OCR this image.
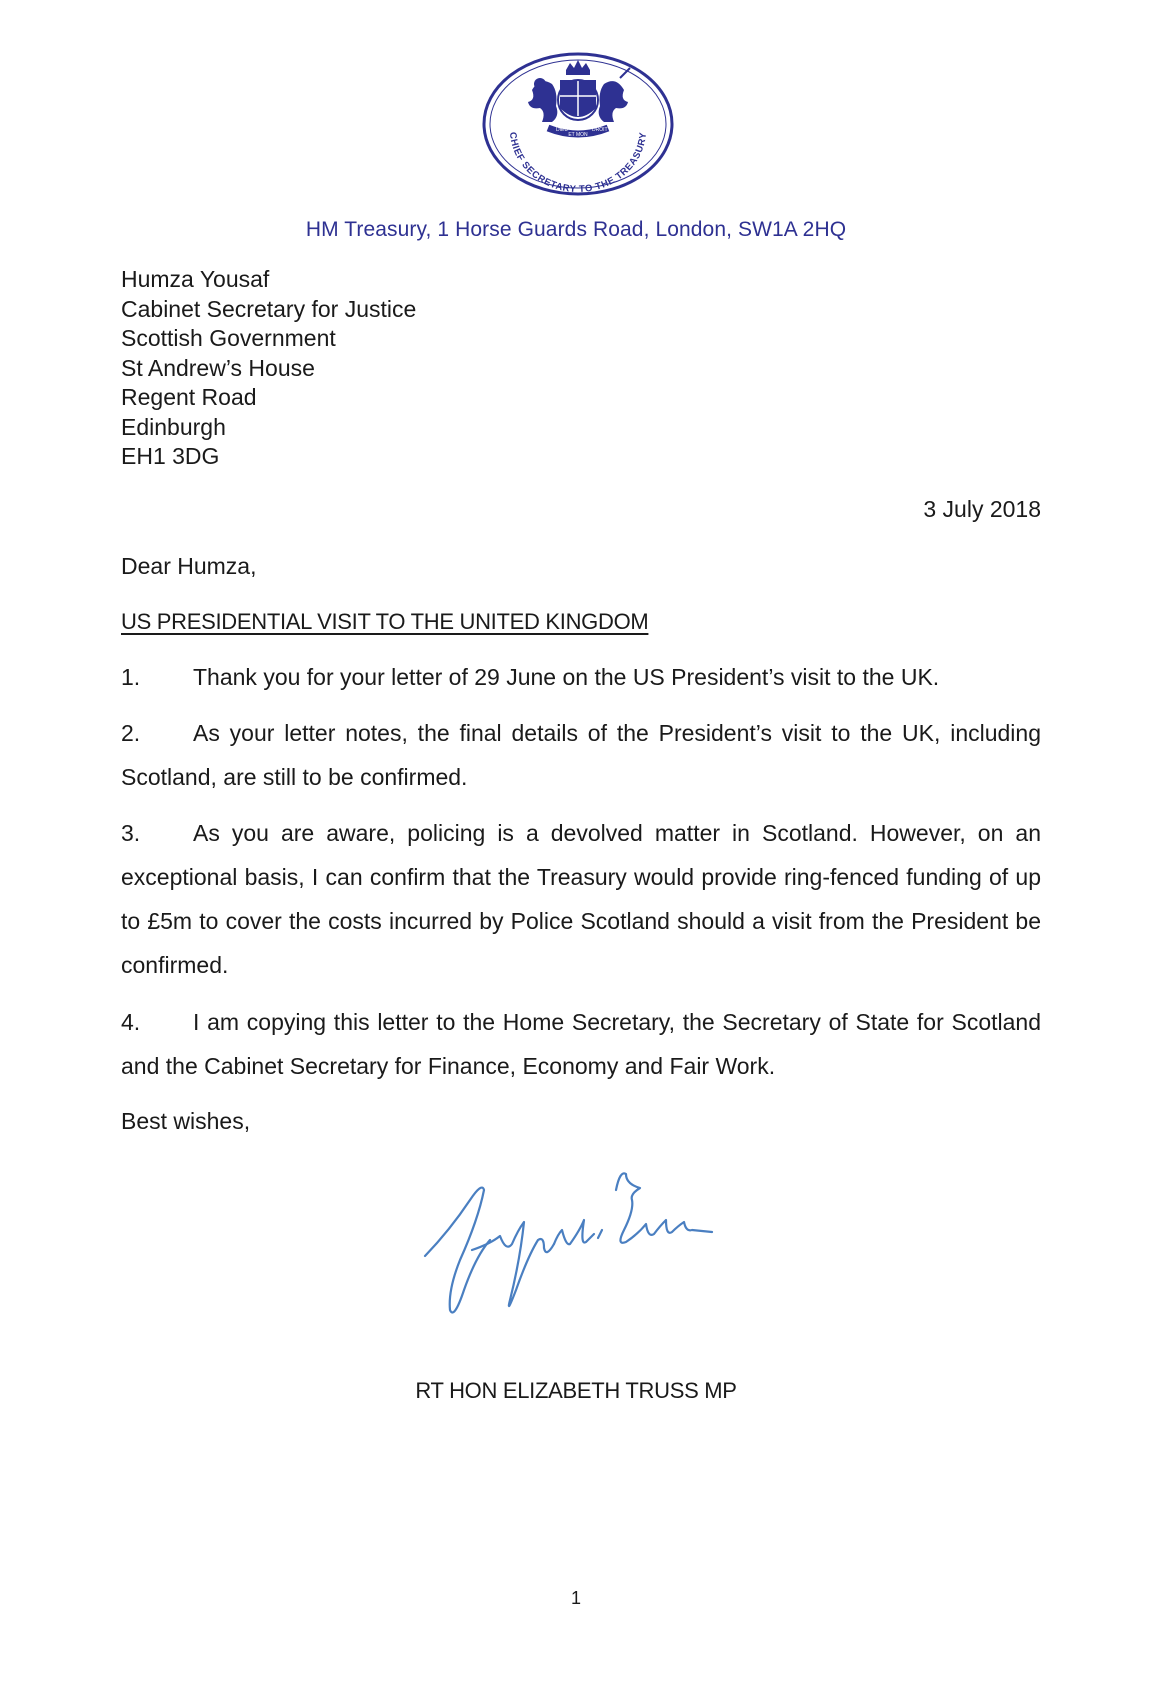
CHIEF SECRETARY TO THE TREASURY
DIEU
ET MON
DROIT
HM Treasury, 1 Horse Guards Road, London, SW1A 2HQ
Humza Yousaf
Cabinet Secretary for Justice
Scottish Government
St Andrew’s House
Regent Road
Edinburgh
EH1 3DG
3 July 2018
Dear Humza,
US PRESIDENTIAL VISIT TO THE UNITED KINGDOM
1. Thank you for your letter of 29 June on the US President’s visit to the UK.
2. As your letter notes, the final details of the President’s visit to the UK, including Scotland, are still to be confirmed.
3. As you are aware, policing is a devolved matter in Scotland. However, on an exceptional basis, I can confirm that the Treasury would provide ring-fenced funding of up to £5m to cover the costs incurred by Police Scotland should a visit from the President be confirmed.
4. I am copying this letter to the Home Secretary, the Secretary of State for Scotland and the Cabinet Secretary for Finance, Economy and Fair Work.
Best wishes,
RT HON ELIZABETH TRUSS MP
1
